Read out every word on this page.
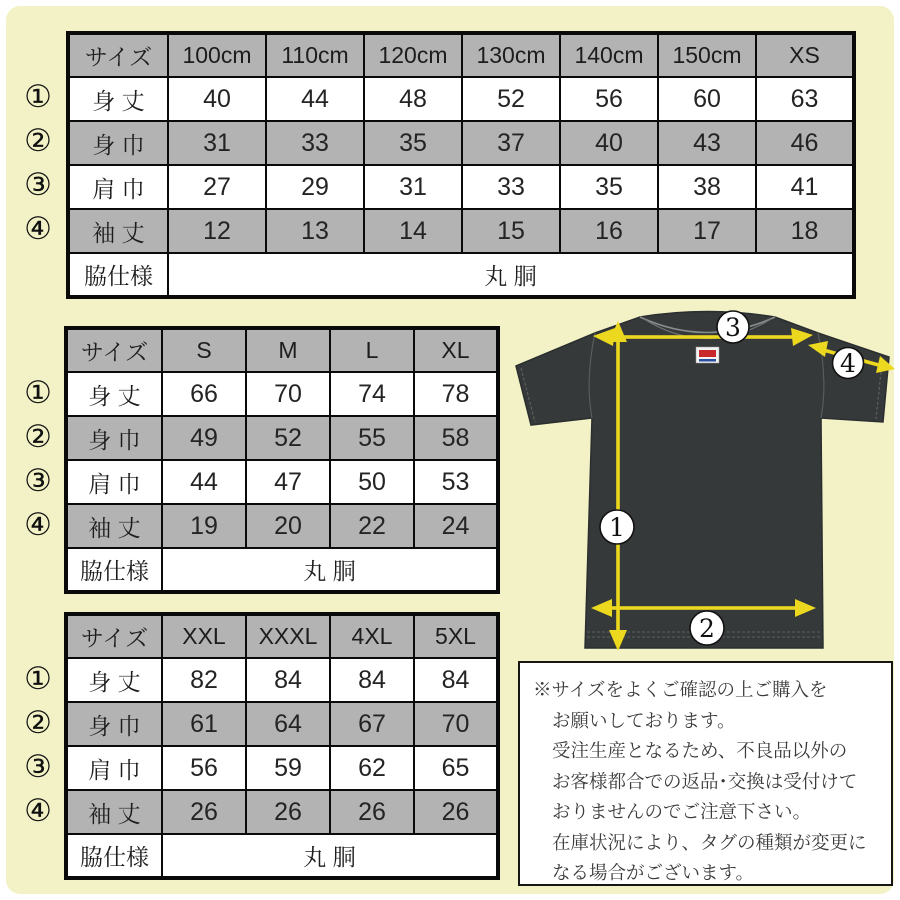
サイズ	100cm	110cm	120cm	130cm	140cm	150cm	XS
身 丈	40	44	48	52	56	60	63
身 巾	31	33	35	37	40	43	46
肩 巾	27	29	31	33	35	38	41
袖 丈	12	13	14	15	16	17	18
脇仕様	丸 胴						
サイズ	S	M	L	XL
身 丈	66	70	74	78
身 巾	49	52	55	58
肩 巾	44	47	50	53
袖 丈	19	20	22	24
脇仕様	丸 胴			
サイズ	XXL	XXXL	4XL	5XL
身 丈	82	84	84	84
身 巾	61	64	67	70
肩 巾	56	59	62	65
袖 丈	26	26	26	26
脇仕様	丸 胴			
①
②
③
④
①
②
③
④
①
②
③
④
1
2
3
4
※サイズをよくご確認の上ご購入を
お願いしております。
受注生産となるため、不良品以外の
お客様都合での返品･交換は受付けて
おりませんのでご注意下さい。
在庫状況により、タグの種類が変更に
なる場合がございます。
